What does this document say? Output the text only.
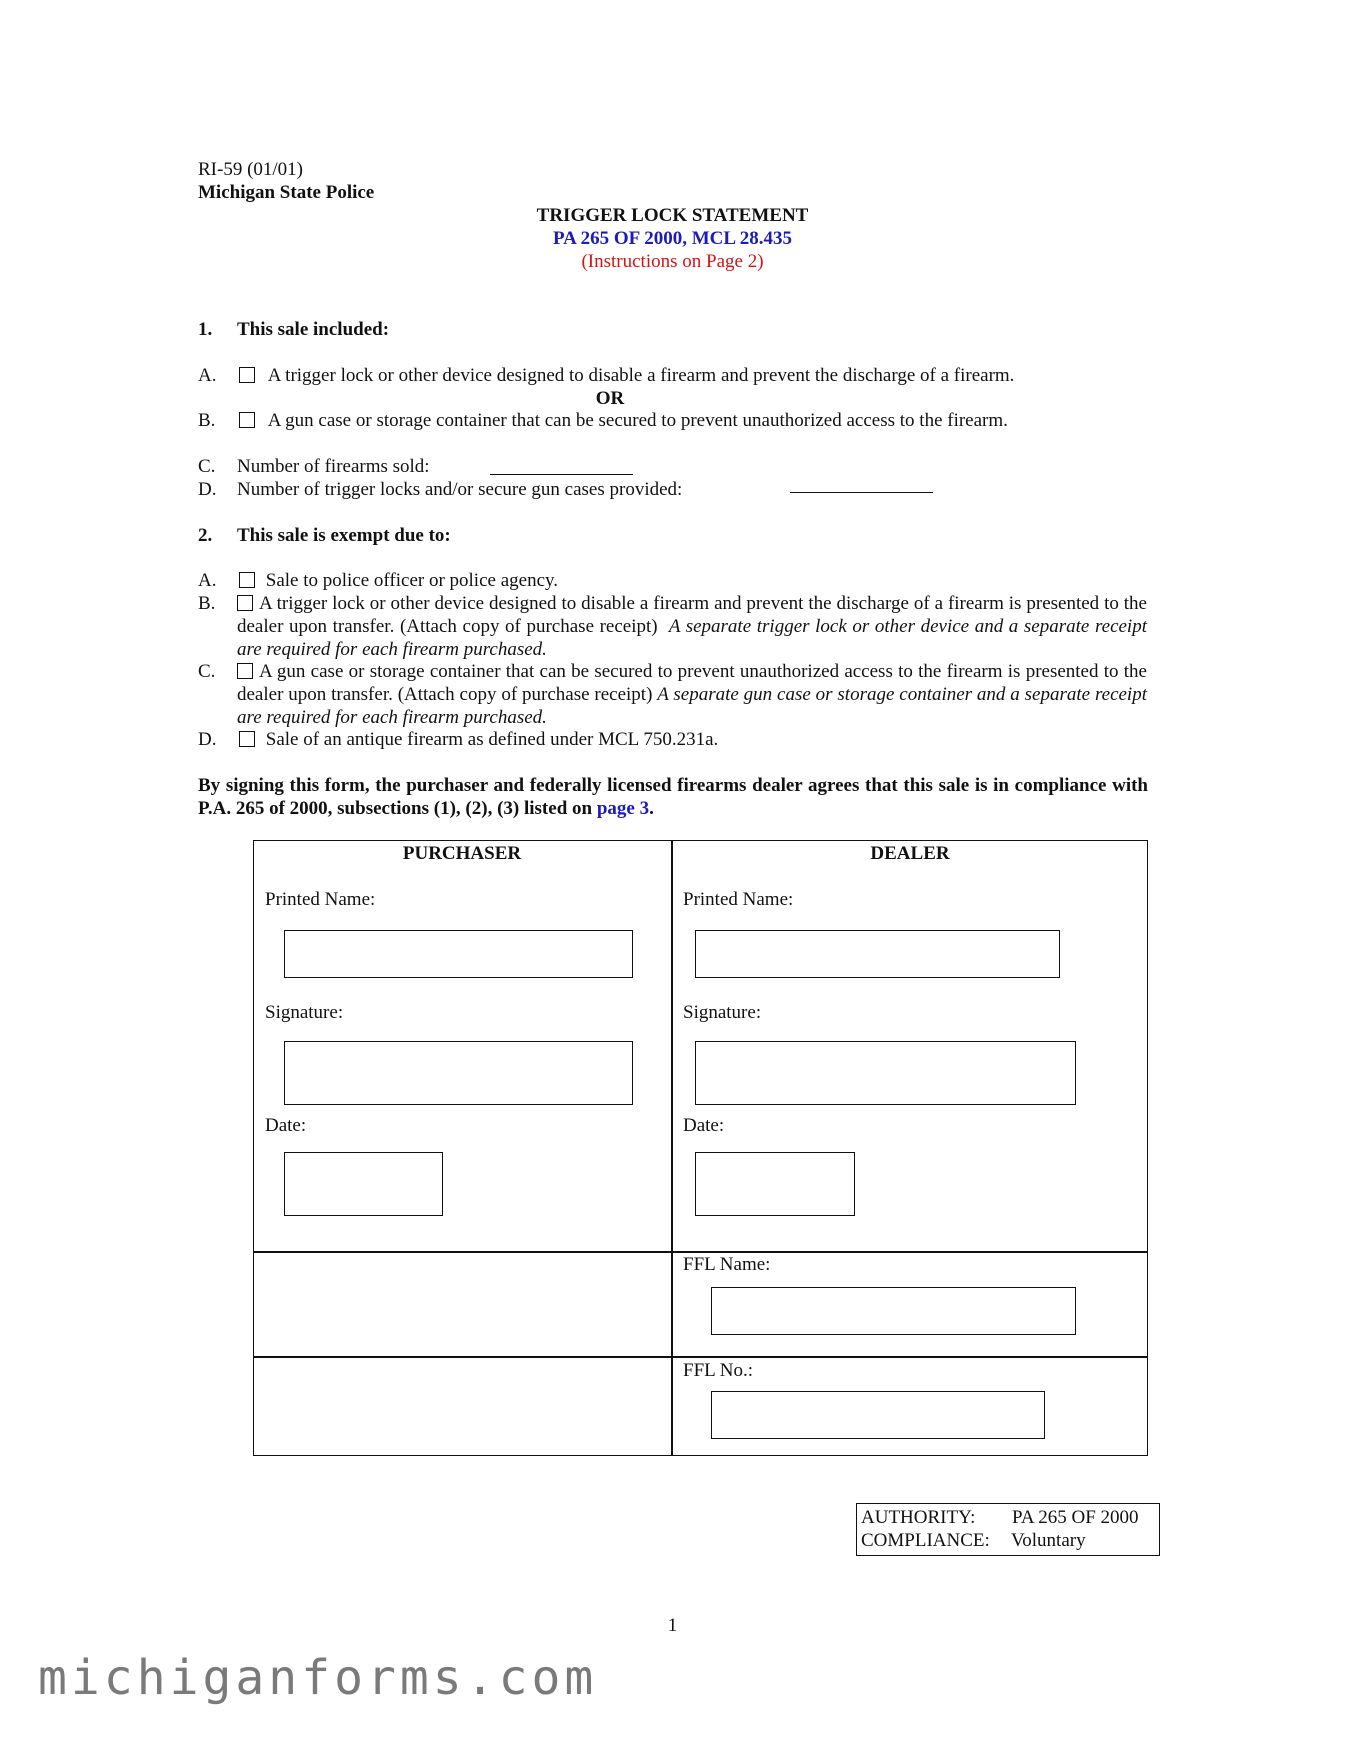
RI-59 (01/01)
Michigan State Police
TRIGGER LOCK STATEMENT
PA 265 OF 2000, MCL 28.435
(Instructions on Page 2)
1. This sale included:
A.	A trigger lock or other device designed to disable a firearm and prevent the discharge of a firearm.
OR
B.	A gun case or storage container that can be secured to prevent unauthorized access to the firearm.
C.	Number of firearms sold:
D.	Number of trigger locks and/or secure gun cases provided:
2. This sale is exempt due to:
A.	Sale to police officer or police agency.
B.	A trigger lock or other device designed to disable a firearm and prevent the discharge of a firearm is presented to the dealer upon transfer. (Attach copy of purchase receipt) A separate trigger lock or other device and a separate receipt are required for each firearm purchased.
C.	A gun case or storage container that can be secured to prevent unauthorized access to the firearm is presented to the dealer upon transfer. (Attach copy of purchase receipt) A separate gun case or storage container and a separate receipt are required for each firearm purchased.
D.	Sale of an antique firearm as defined under MCL 750.231a.
By signing this form, the purchaser and federally licensed firearms dealer agrees that this sale is in compliance with P.A. 265 of 2000, subsections (1), (2), (3) listed on page 3.
PURCHASER
Printed Name:
Signature:
Date:
DEALER
Printed Name:
Signature:
Date:
FFL Name:
FFL No.:
AUTHORITY: PA 265 OF 2000
COMPLIANCE: Voluntary
1
michiganforms.com
